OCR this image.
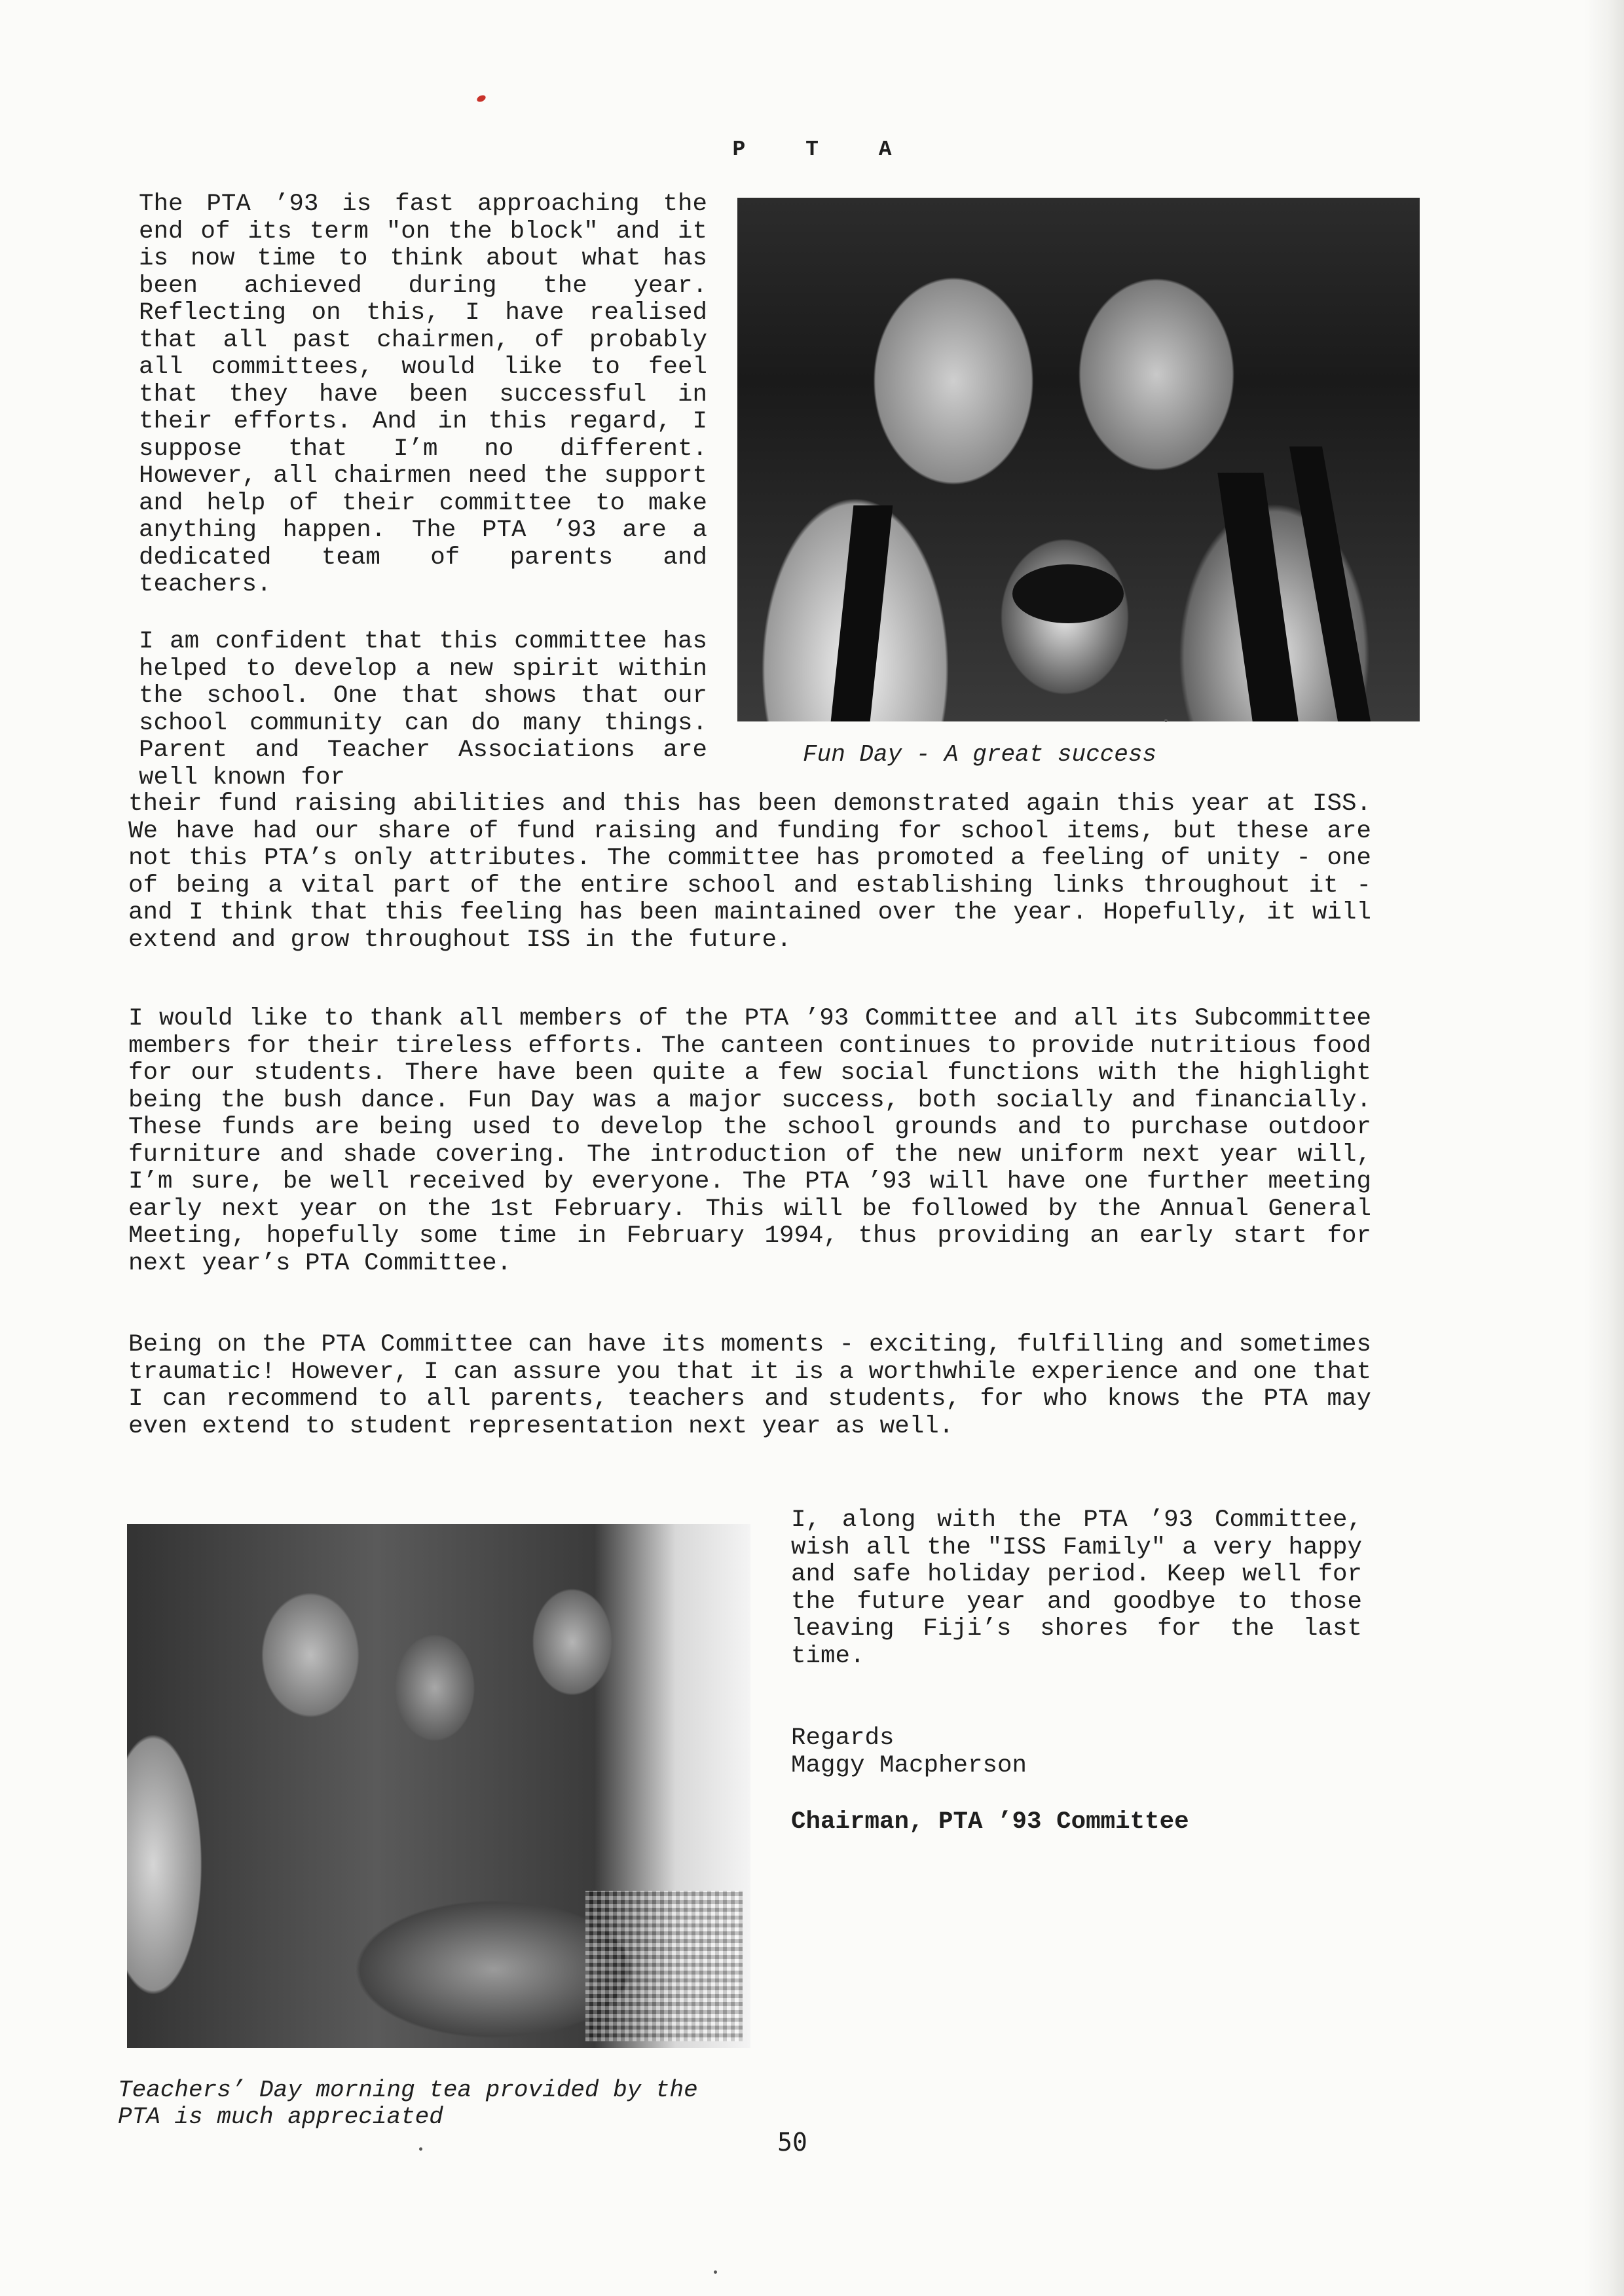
P T A

The PTA ’93 is fast approaching the end of its term "on the block" and it is now time to think about what has been achieved during the year. Reflecting on this, I have realised that all past chairmen, of probably all committees, would like to feel that they have been successful in their efforts. And in this regard, I suppose that I’m no different. However, all chairmen need the support and help of their committee to make anything happen. The PTA ’93 are a dedicated team of parents and teachers.

Fun Day - A great success

I am confident that this committee has helped to develop a new spirit within the school. One that shows that our school community can do many things. Parent and Teacher Associations are well known for

their fund raising abilities and this has been demonstrated again this year at ISS. We have had our share of fund raising and funding for school items, but these are not this PTA’s only attributes. The committee has promoted a feeling of unity - one of being a vital part of the entire school and establishing links throughout it - and I think that this feeling has been maintained over the year. Hopefully, it will extend and grow throughout ISS in the future.

I would like to thank all members of the PTA ’93 Committee and all its Subcommittee members for their tireless efforts. The canteen continues to provide nutritious food for our students. There have been quite a few social functions with the highlight being the bush dance. Fun Day was a major success, both socially and financially. These funds are being used to develop the school grounds and to purchase outdoor furniture and shade covering. The introduction of the new uniform next year will, I’m sure, be well received by everyone. The PTA ’93 will have one further meeting early next year on the 1st February. This will be followed by the Annual General Meeting, hopefully some time in February 1994, thus providing an early start for next year’s PTA Committee.

Being on the PTA Committee can have its moments - exciting, fulfilling and sometimes traumatic! However, I can assure you that it is a worthwhile experience and one that I can recommend to all parents, teachers and students, for who knows the PTA may even extend to student representation next year as well.

Teachers’ Day morning tea provided by the PTA is much appreciated

I, along with the PTA ’93 Committee, wish all the "ISS Family" a very happy and safe holiday period. Keep well for the future year and goodbye to those leaving Fiji’s shores for the last time.

Regards

Maggy Macpherson

Chairman, PTA ’93 Committee

50
